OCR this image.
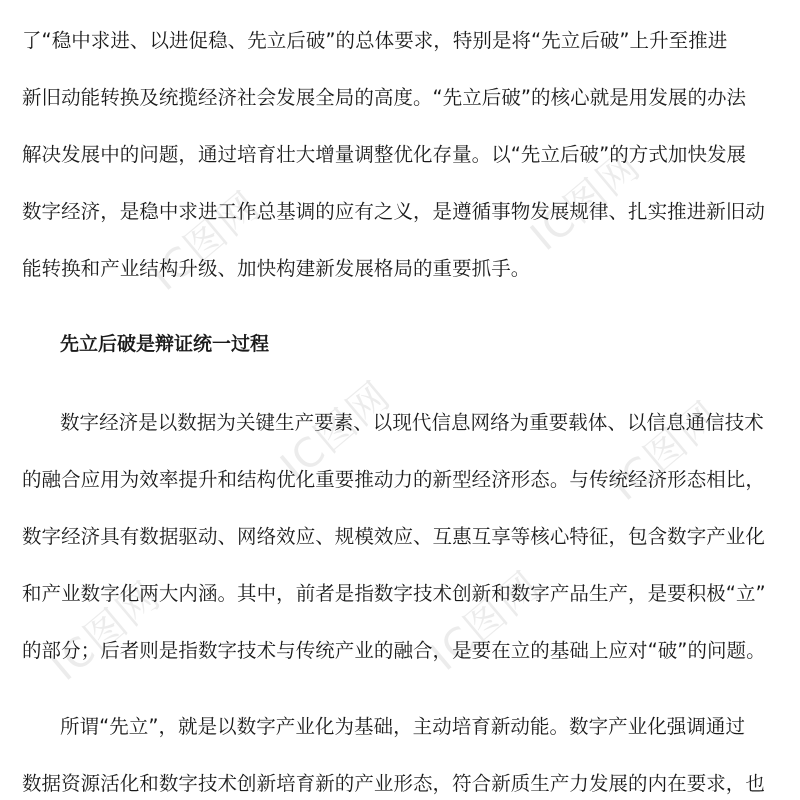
IC图网	IC图网
IC图网	IC图网
IC图网	IC图网
了“稳中求进、以进促稳、先立后破”的总体要求，特别是将“先立后破”上升至推进
新旧动能转换及统揽经济社会发展全局的高度。“先立后破”的核心就是用发展的办法
解决发展中的问题，通过培育壮大增量调整优化存量。以“先立后破”的方式加快发展
数字经济，是稳中求进工作总基调的应有之义，是遵循事物发展规律、扎实推进新旧动
能转换和产业结构升级、加快构建新发展格局的重要抓手。
先立后破是辩证统一过程
数字经济是以数据为关键生产要素、以现代信息网络为重要载体、以信息通信技术
的融合应用为效率提升和结构优化重要推动力的新型经济形态。与传统经济形态相比，
数字经济具有数据驱动、网络效应、规模效应、互惠互享等核心特征，包含数字产业化
和产业数字化两大内涵。其中，前者是指数字技术创新和数字产品生产，是要积极“立”
的部分；后者则是指数字技术与传统产业的融合，是要在立的基础上应对“破”的问题。
所谓“先立”，就是以数字产业化为基础，主动培育新动能。数字产业化强调通过
数据资源活化和数字技术创新培育新的产业形态，符合新质生产力发展的内在要求，也
